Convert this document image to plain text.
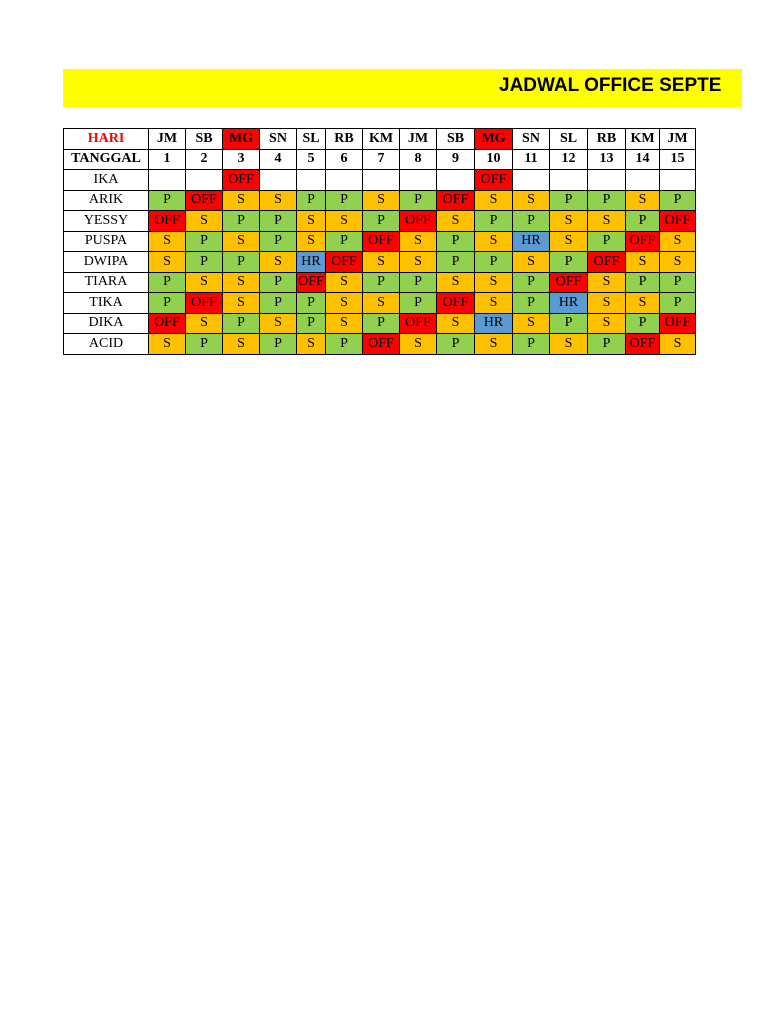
JADWAL OFFICE SEPTE
HARI	JM	SB	MG	SN	SL	RB	KM	JM	SB	MG	SN	SL	RB	KM	JM
TANGGAL	1	2	3	4	5	6	7	8	9	10	11	12	13	14	15
IKA			OFF							OFF					
ARIK	P	OFF	S	S	P	P	S	P	OFF	S	S	P	P	S	P
YESSY	OFF	S	P	P	S	S	P	OFF	S	P	P	S	S	P	OFF
PUSPA	S	P	S	P	S	P	OFF	S	P	S	HR	S	P	OFF	S
DWIPA	S	P	P	S	HR	OFF	S	S	P	P	S	P	OFF	S	S
TIARA	P	S	S	P	OFF	S	P	P	S	S	P	OFF	S	P	P
TIKA	P	OFF	S	P	P	S	S	P	OFF	S	P	HR	S	S	P
DIKA	OFF	S	P	S	P	S	P	OFF	S	HR	S	P	S	P	OFF
ACID	S	P	S	P	S	P	OFF	S	P	S	P	S	P	OFF	S
